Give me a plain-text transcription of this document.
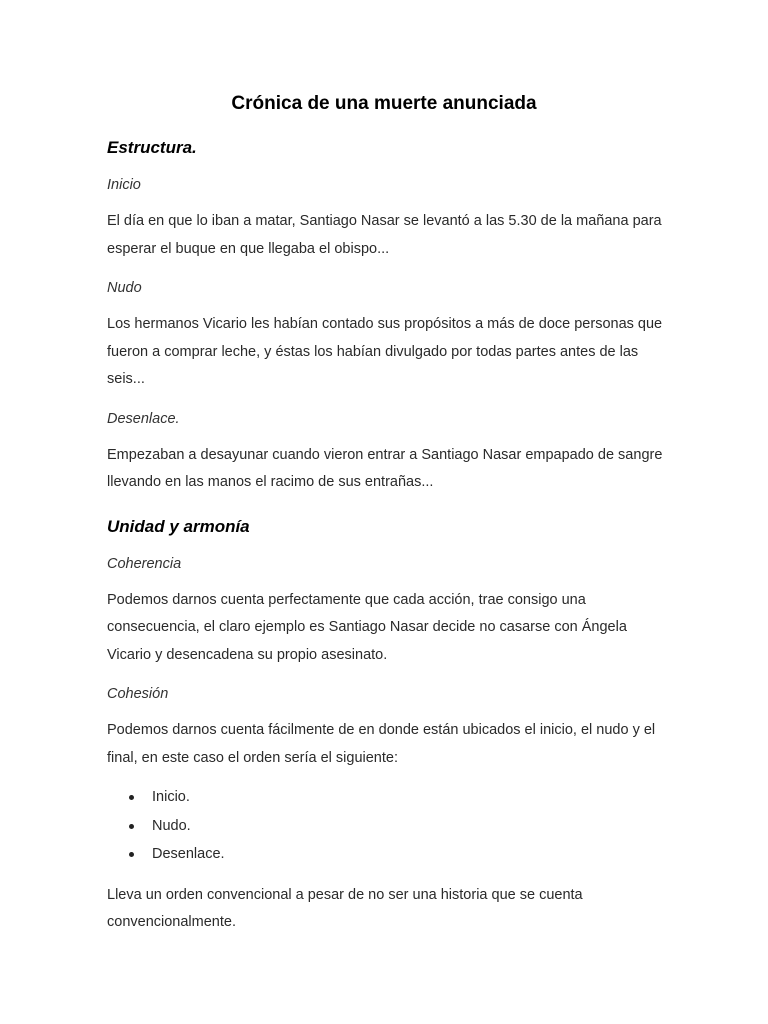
Crónica de una muerte anunciada
Estructura.

Inicio

El día en que lo iban a matar, Santiago Nasar se levantó a las 5.30 de la mañana para esperar el buque en que llegaba el obispo...

Nudo

Los hermanos Vicario les habían contado sus propósitos a más de doce personas que fueron a comprar leche, y éstas los habían divulgado por todas partes antes de las seis...

Desenlace.

Empezaban a desayunar cuando vieron entrar a Santiago Nasar empapado de sangre llevando en las manos el racimo de sus entrañas...

Unidad y armonía

Coherencia

Podemos darnos cuenta perfectamente que cada acción, trae consigo una consecuencia, el claro ejemplo es Santiago Nasar decide no casarse con Ángela Vicario y desencadena su propio asesinato.

Cohesión

Podemos darnos cuenta fácilmente de en donde están ubicados el inicio, el nudo y el final, en este caso el orden sería el siguiente:

Inicio.
Nudo.
Desenlace.

Lleva un orden convencional a pesar de no ser una historia que se cuenta convencionalmente.
